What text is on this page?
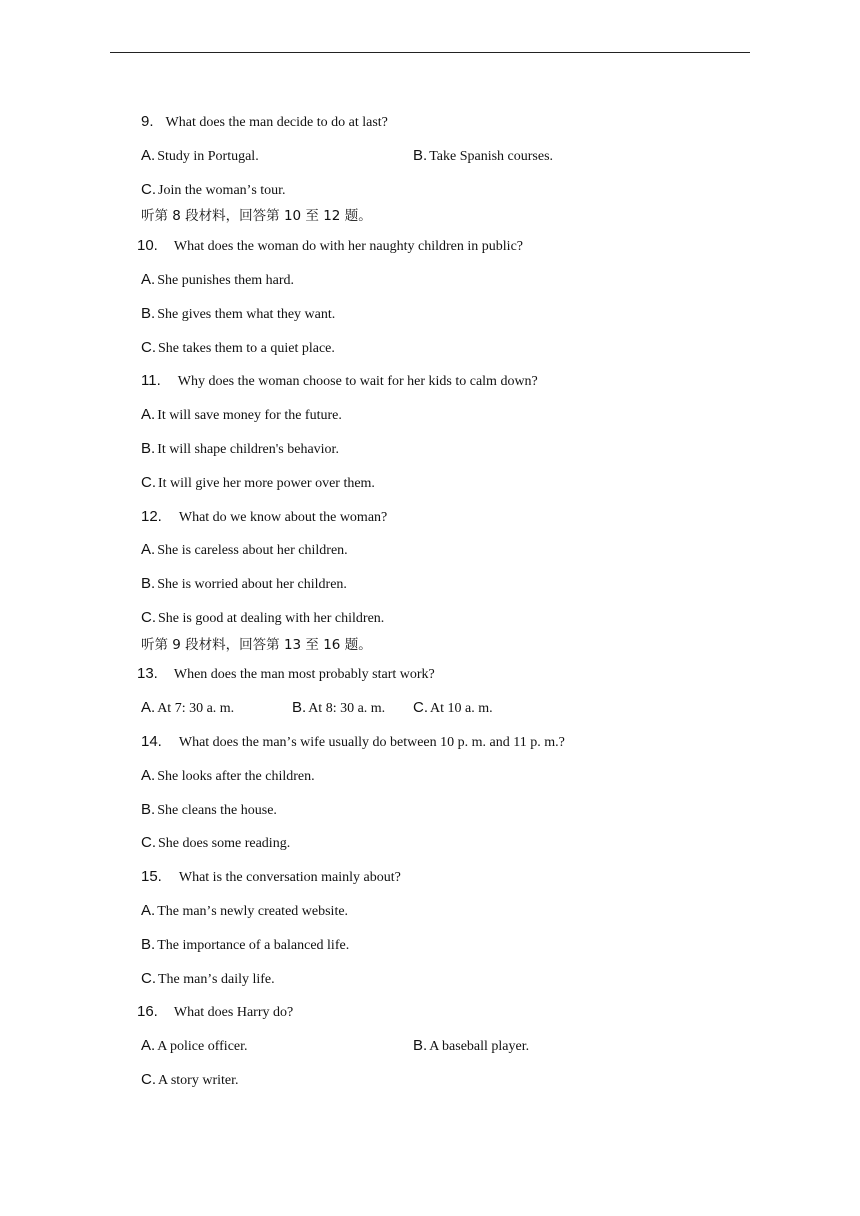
9. What does the man decide to do at last?
A. Study in Portugal.	B. Take Spanish courses.
C. Join the womanʼs tour.
听第 8 段材料，回答第 10 至 12 题。
10. What does the woman do with her naughty children in public?
A. She punishes them hard.
B. She gives them what they want.
C. She takes them to a quiet place.
11. Why does the woman choose to wait for her kids to calm down?
A. It will save money for the future.
B. It will shape children's behavior.
C. It will give her more power over them.
12. What do we know about the woman?
A. She is careless about her children.
B. She is worried about her children.
C. She is good at dealing with her children.
听第 9 段材料，回答第 13 至 16 题。
13. When does the man most probably start work?
A. At 7: 30 a. m.	B. At 8: 30 a. m. C. At 10 a. m.
14. What does the manʼs wife usually do between 10 p. m. and 11 p. m.?
A. She looks after the children.
B. She cleans the house.
C. She does some reading.
15. What is the conversation mainly about?
A. The manʼs newly created website.
B. The importance of a balanced life.
C. The manʼs daily life.
16. What does Harry do?
A. A police officer.	B. A baseball player.
C. A story writer.
